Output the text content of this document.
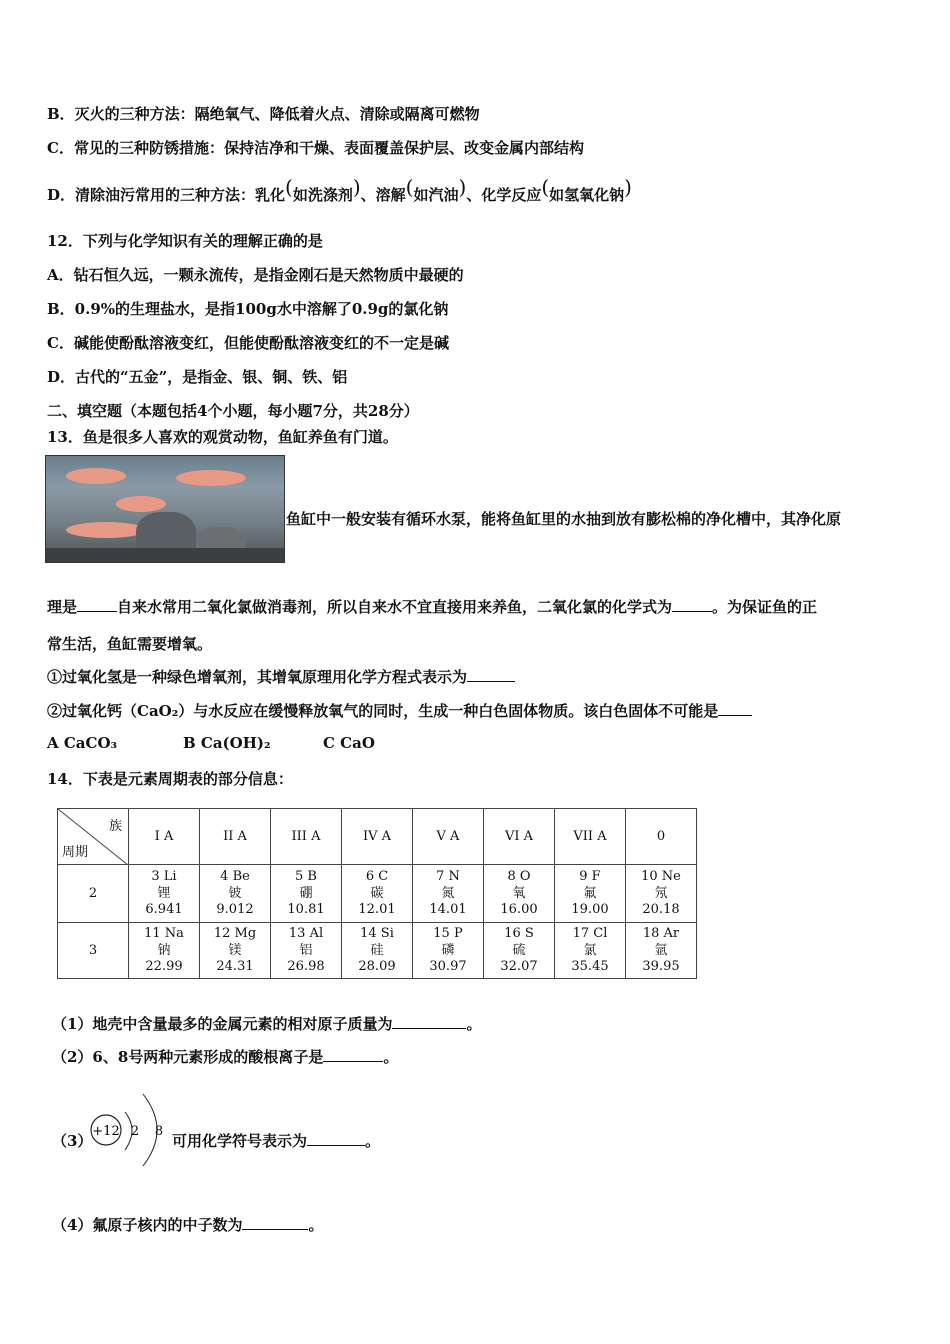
B．灭火的三种方法：隔绝氧气、降低着火点、清除或隔离可燃物
C．常见的三种防锈措施：保持洁净和干燥、表面覆盖保护层、改变金属内部结构
D．清除油污常用的三种方法：乳化(如洗涤剂)、溶解(如汽油)、化学反应(如氢氧化钠)
12．下列与化学知识有关的理解正确的是
A．钻石恒久远，一颗永流传，是指金刚石是天然物质中最硬的
B．0.9%的生理盐水，是指100g水中溶解了0.9g的氯化钠
C．碱能使酚酞溶液变红，但能使酚酞溶液变红的不一定是碱
D．古代的“五金”，是指金、银、铜、铁、铝
二、填空题（本题包括4个小题，每小题7分，共28分）
13．鱼是很多人喜欢的观赏动物，鱼缸养鱼有门道。
鱼缸中一般安装有循环水泵，能将鱼缸里的水抽到放有膨松棉的净化槽中，其净化原
理是	自来水常用二氧化氯做消毒剂，所以自来水不宜直接用来养鱼，二氧化氯的化学式为	。为保证鱼的正
常生活，鱼缸需要增氧。
①过氧化氢是一种绿色增氧剂，其增氧原理用化学方程式表示为
②过氧化钙（CaO₂）与水反应在缓慢释放氧气的同时，生成一种白色固体物质。该白色固体不可能是
A CaCO₃	B Ca(OH)₂	C CaO
14．下表是元素周期表的部分信息：
族
周期	I A	II A	III A	IV A	V A	VI A	VII A	0
2	3 Li
锂
6.941	4 Be
铍
9.012	5 B
硼
10.81	6 C
碳
12.01	7 N
氮
14.01	8 O
氧
16.00	9 F
氟
19.00	10 Ne
氖
20.18

3	11 Na
钠
22.99	12 Mg
镁
24.31	13 Al
铝
26.98	14 Si
硅
28.09	15 P
磷
30.97	16 S
硫
32.07	17 Cl
氯
35.45	18 Ar
氩
39.95
（1）地壳中含量最多的金属元素的相对原子质量为	。
（2）6、8号两种元素形成的酸根离子是	。
（3）
+12 2 8
可用化学符号表示为	。
（4）氟原子核内的中子数为	。
